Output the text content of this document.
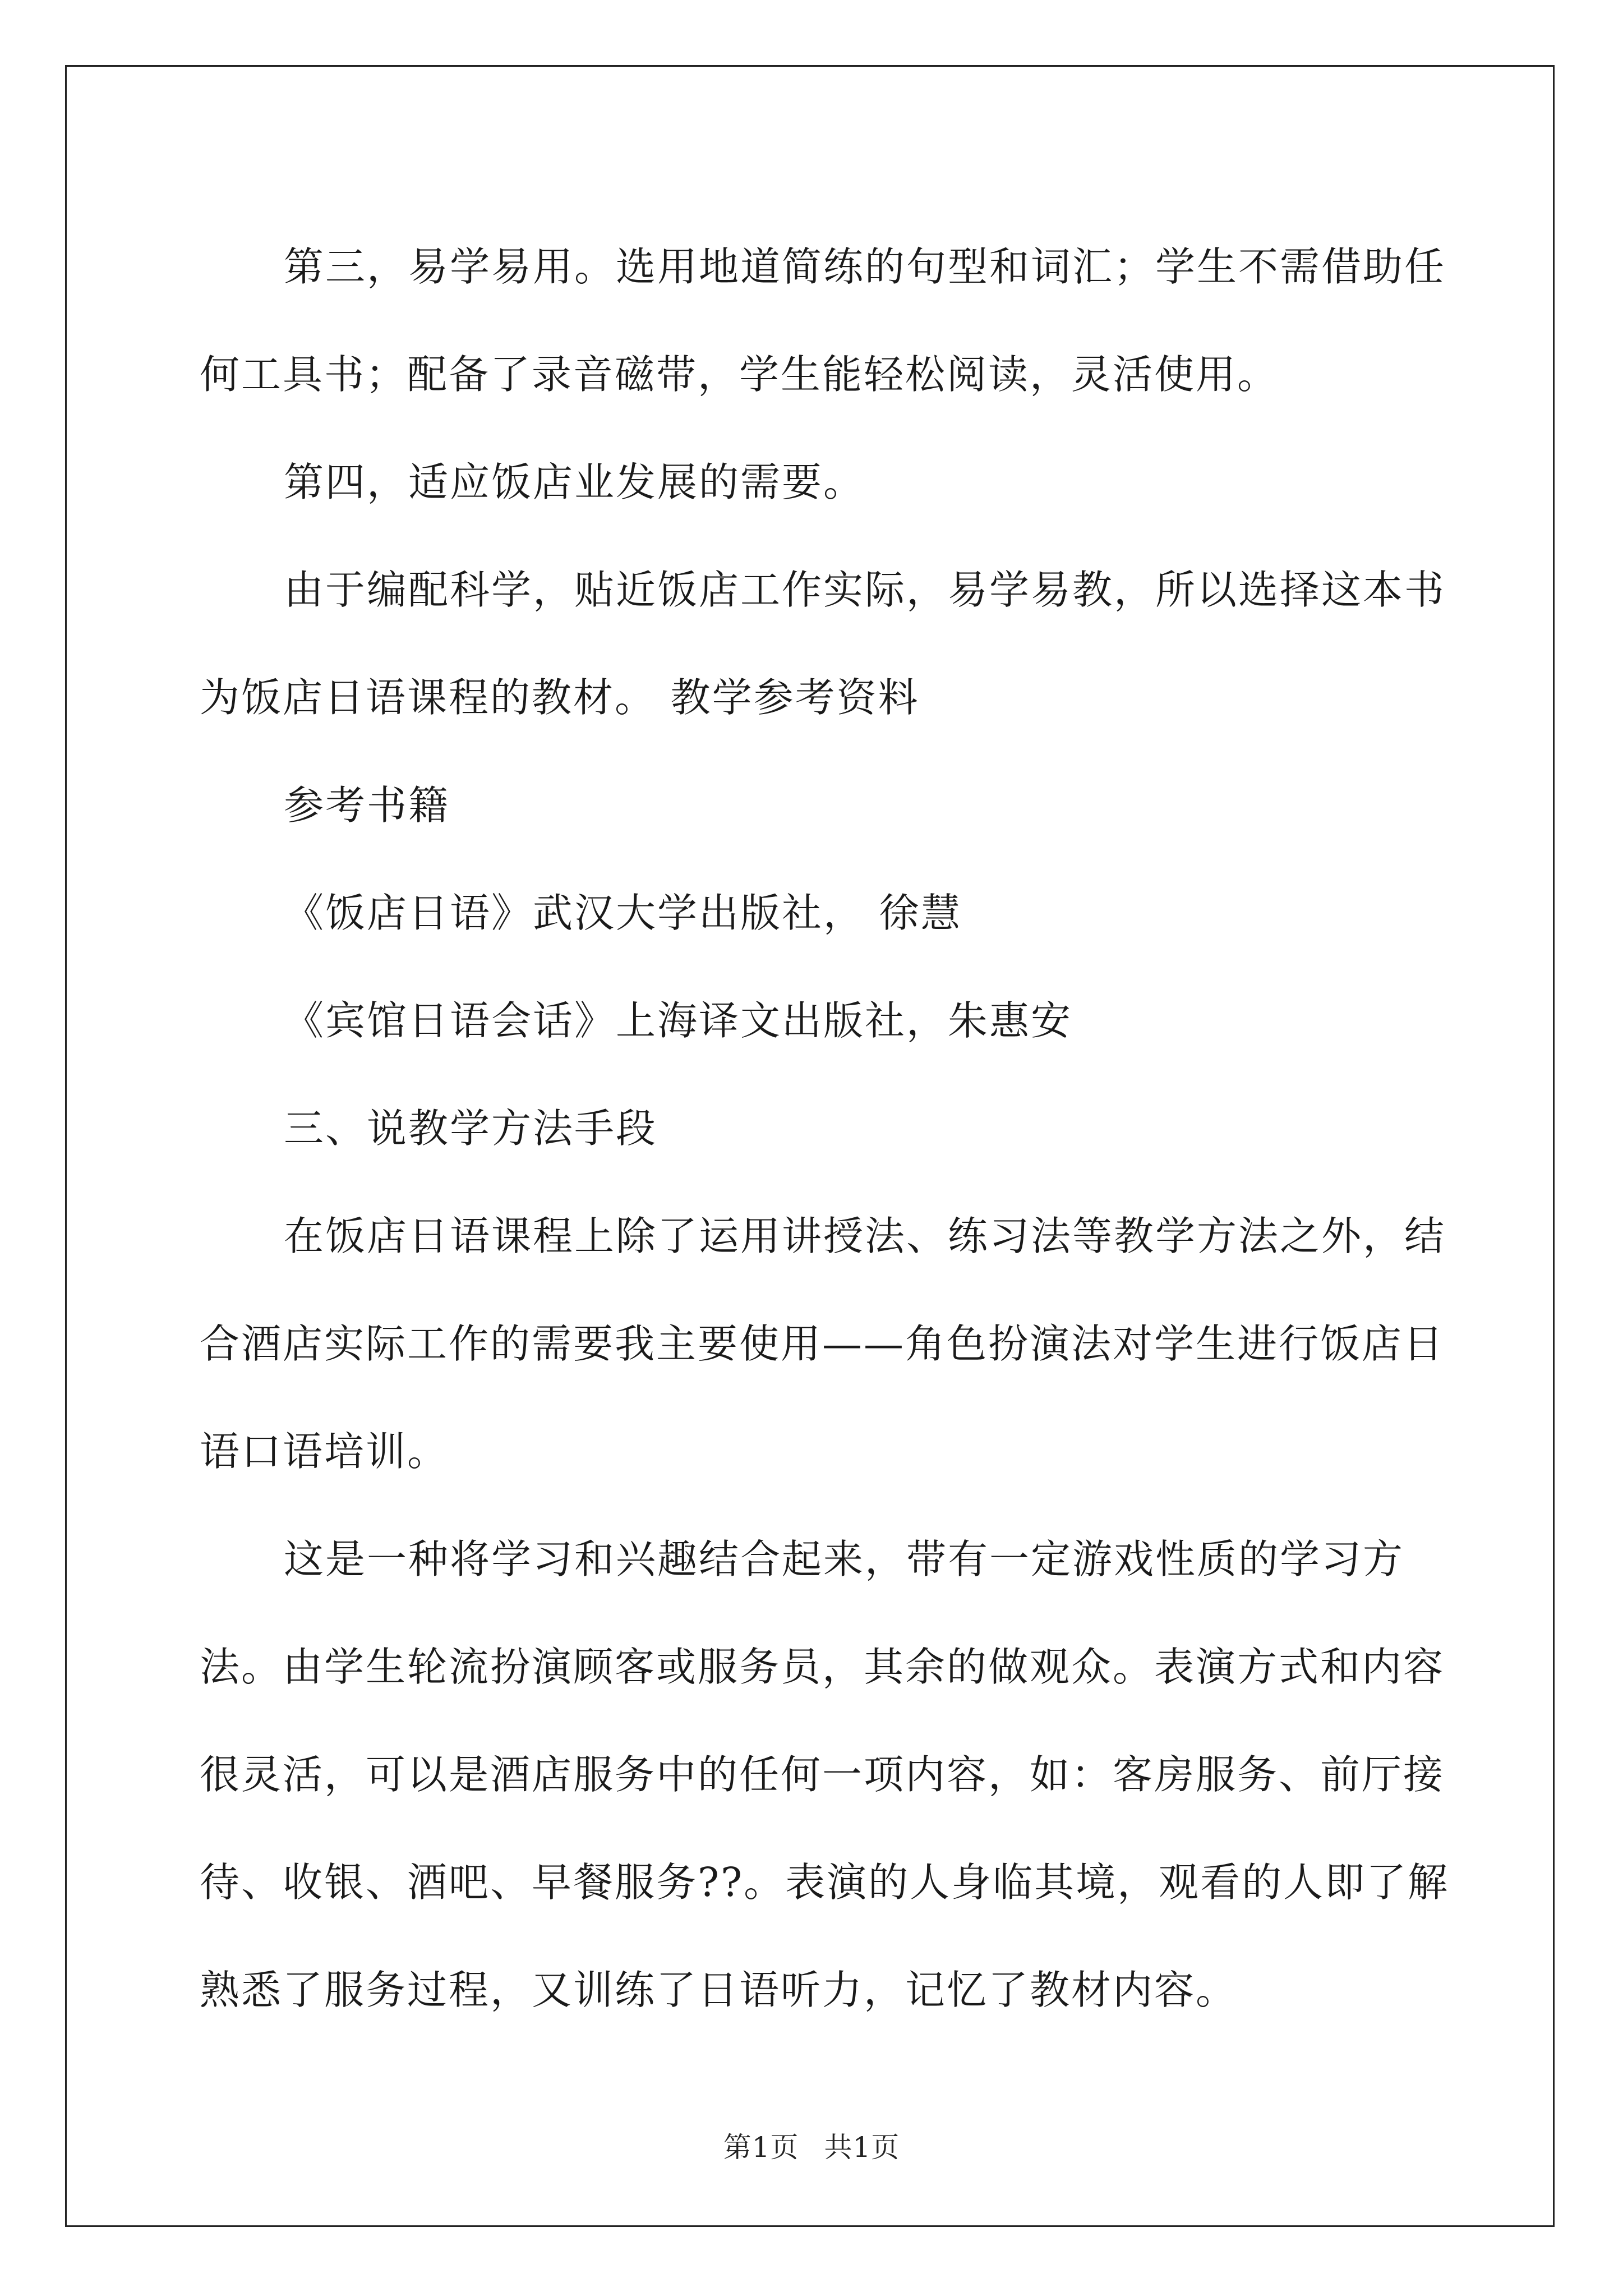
第三，易学易用。选用地道简练的句型和词汇；学生不需借助任何工具书；配备了录音磁带，学生能轻松阅读，灵活使用。

第四，适应饭店业发展的需要。

由于编配科学，贴近饭店工作实际，易学易教，所以选择这本书为饭店日语课程的教材。 教学参考资料

参考书籍

《饭店日语》武汉大学出版社， 徐慧

《宾馆日语会话》上海译文出版社，朱惠安

三、说教学方法手段

在饭店日语课程上除了运用讲授法、练习法等教学方法之外，结合酒店实际工作的需要我主要使用——角色扮演法对学生进行饭店日语口语培训。

这是一种将学习和兴趣结合起来，带有一定游戏性质的学习方法。由学生轮流扮演顾客或服务员，其余的做观众。表演方式和内容很灵活，可以是酒店服务中的任何一项内容，如：客房服务、前厅接待、收银、酒吧、早餐服务??。表演的人身临其境，观看的人即了解熟悉了服务过程，又训练了日语听力，记忆了教材内容。

第1页 共1页
